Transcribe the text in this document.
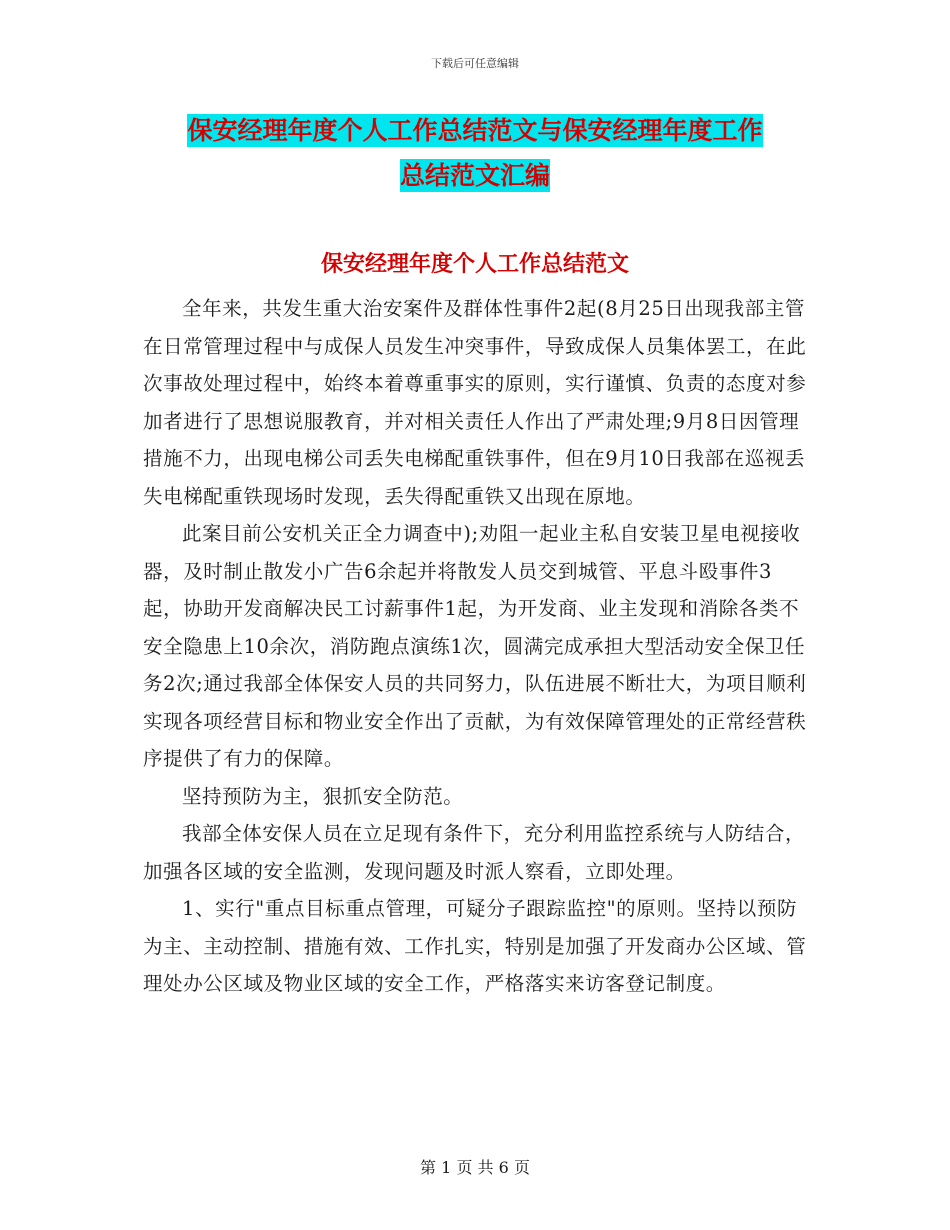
下载后可任意编辑
保安经理年度个人工作总结范文与保安经理年度工作
总结范文汇编
保安经理年度个人工作总结范文

全年来，共发生重大治安案件及群体性事件2起(8月25日出现我部主管在日常管理过程中与成保人员发生冲突事件，导致成保人员集体罢工，在此次事故处理过程中，始终本着尊重事实的原则，实行谨慎、负责的态度对参加者进行了思想说服教育，并对相关责任人作出了严肃处理;9月8日因管理措施不力，出现电梯公司丢失电梯配重铁事件，但在9月10日我部在巡视丢失电梯配重铁现场时发现，丢失得配重铁又出现在原地。

此案目前公安机关正全力调查中);劝阻一起业主私自安装卫星电视接收器，及时制止散发小广告6余起并将散发人员交到城管、平息斗殴事件3起，协助开发商解决民工讨薪事件1起，为开发商、业主发现和消除各类不安全隐患上10余次，消防跑点演练1次，圆满完成承担大型活动安全保卫任务2次;通过我部全体保安人员的共同努力，队伍进展不断壮大，为项目顺利实现各项经营目标和物业安全作出了贡献，为有效保障管理处的正常经营秩序提供了有力的保障。

坚持预防为主，狠抓安全防范。

我部全体安保人员在立足现有条件下，充分利用监控系统与人防结合，加强各区域的安全监测，发现问题及时派人察看，立即处理。

1、实行"重点目标重点管理，可疑分子跟踪监控"的原则。坚持以预防为主、主动控制、措施有效、工作扎实，特别是加强了开发商办公区域、管理处办公区域及物业区域的安全工作，严格落实来访客登记制度。

第 1 页 共 6 页
